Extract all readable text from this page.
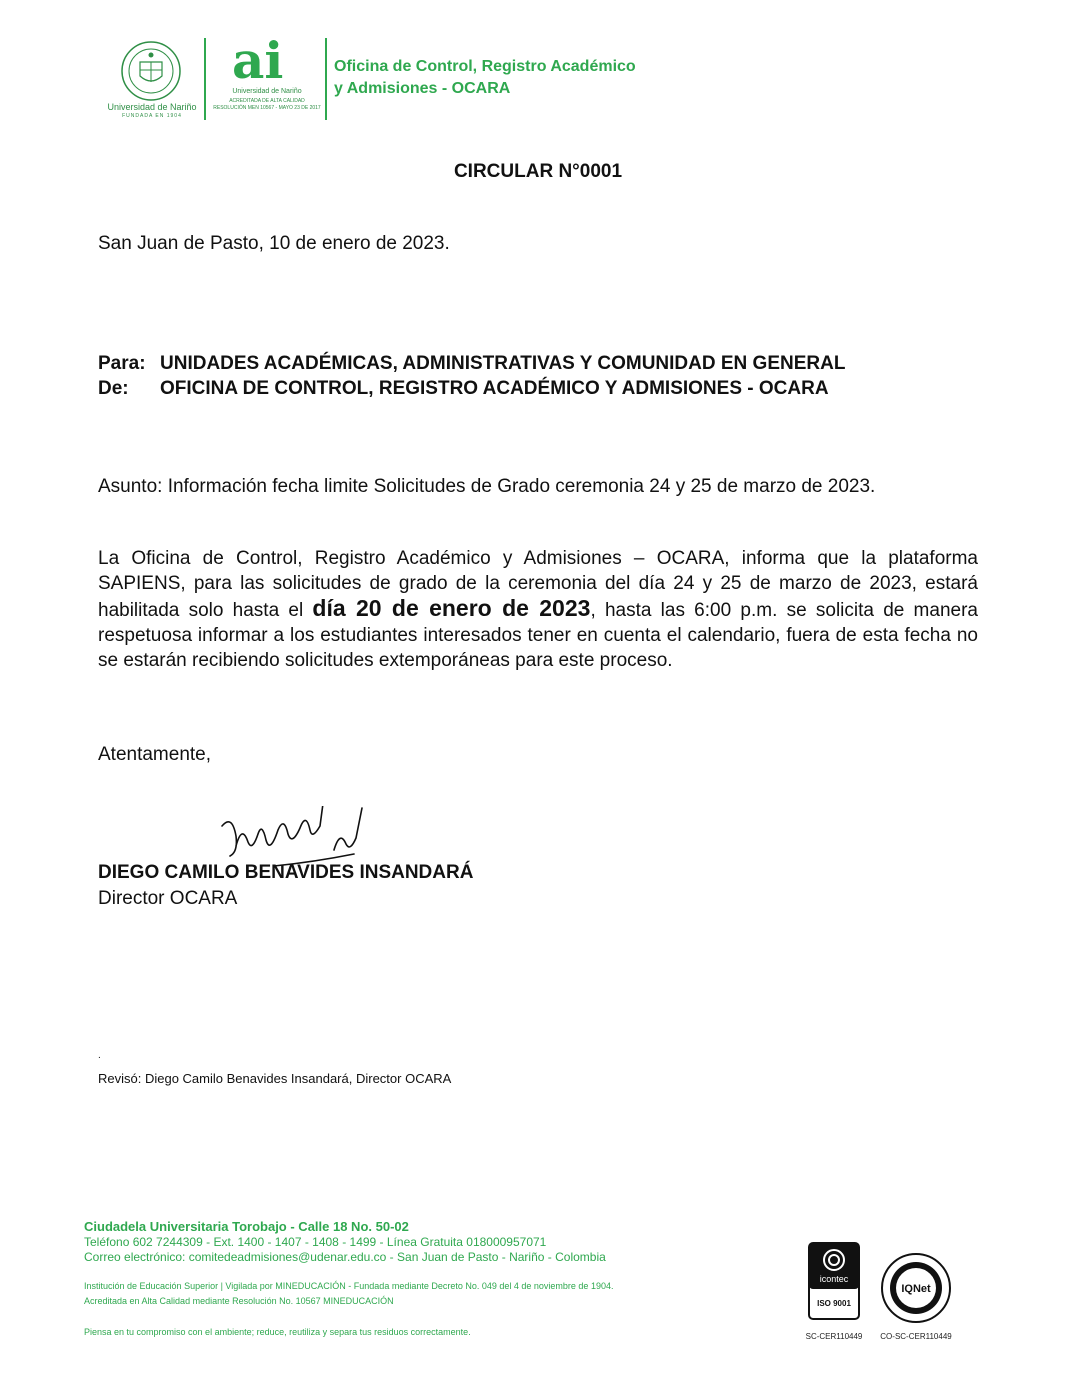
Universidad de Nariño
FUNDADA EN 1904
ai
Universidad de Nariño
ACREDITADA DE ALTA CALIDAD
RESOLUCIÓN MEN 10567 - MAYO 23 DE 2017
Oficina de Control, Registro Académico
y Admisiones - OCARA
CIRCULAR N°0001
San Juan de Pasto, 10 de enero de 2023.
Para: UNIDADES ACADÉMICAS, ADMINISTRATIVAS Y COMUNIDAD EN GENERAL
De: OFICINA DE CONTROL, REGISTRO ACADÉMICO Y ADMISIONES - OCARA
Asunto: Información fecha limite Solicitudes de Grado ceremonia 24 y 25 de marzo de 2023.
La Oficina de Control, Registro Académico y Admisiones – OCARA, informa que la plataforma SAPIENS, para las solicitudes de grado de la ceremonia del día 24 y 25 de marzo de 2023, estará habilitada solo hasta el día 20 de enero de 2023, hasta las 6:00 p.m. se solicita de manera respetuosa informar a los estudiantes interesados tener en cuenta el calendario, fuera de esta fecha no se estarán recibiendo solicitudes extemporáneas para este proceso.
Atentamente,
DIEGO CAMILO BENAVIDES INSANDARÁ
Director OCARA
.
Revisó: Diego Camilo Benavides Insandará, Director OCARA
Ciudadela Universitaria Torobajo - Calle 18 No. 50-02
Teléfono 602 7244309 - Ext. 1400 - 1407 - 1408 - 1499 - Línea Gratuita 018000957071
Correo electrónico: comitedeadmisiones@udenar.edu.co - San Juan de Pasto - Nariño - Colombia
Institución de Educación Superior | Vigilada por MINEDUCACIÓN - Fundada mediante Decreto No. 049 del 4 de noviembre de 1904.
Acreditada en Alta Calidad mediante Resolución No. 10567 MINEDUCACIÓN
Piensa en tu compromiso con el ambiente; reduce, reutiliza y separa tus residuos correctamente.
icontec
ISO 9001
IQNet
SC-CER110449	CO-SC-CER110449
